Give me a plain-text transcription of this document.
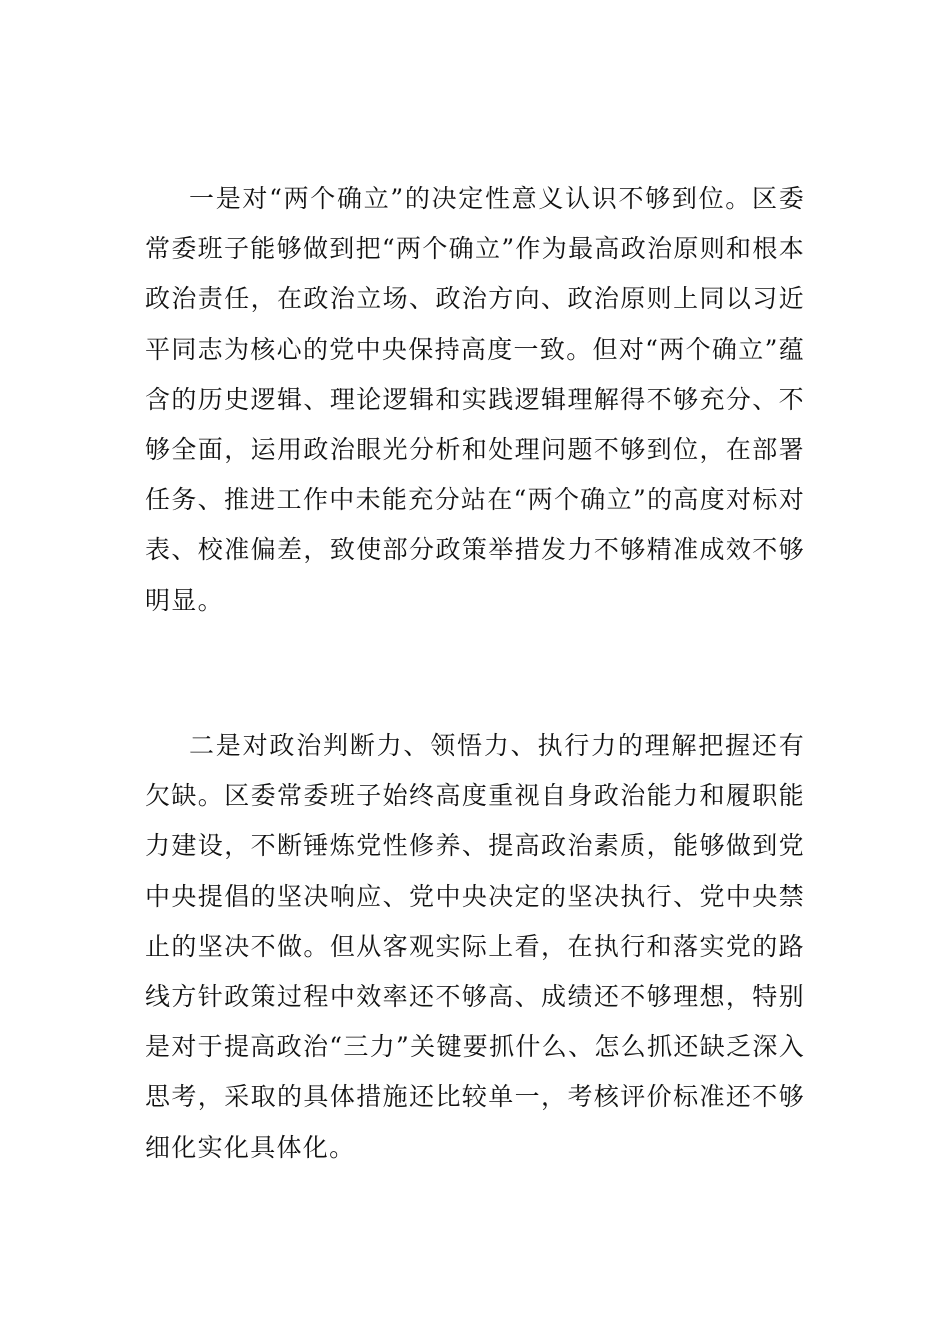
一是对“两个确立”的决定性意义认识不够到位。区委常委班子能够做到把“两个确立”作为最高政治原则和根本政治责任，在政治立场、政治方向、政治原则上同以习近平同志为核心的党中央保持高度一致。但对“两个确立”蕴含的历史逻辑、理论逻辑和实践逻辑理解得不够充分、不够全面，运用政治眼光分析和处理问题不够到位，在部署任务、推进工作中未能充分站在“两个确立”的高度对标对表、校准偏差，致使部分政策举措发力不够精准成效不够明显。

二是对政治判断力、领悟力、执行力的理解把握还有欠缺。区委常委班子始终高度重视自身政治能力和履职能力建设，不断锤炼党性修养、提高政治素质，能够做到党中央提倡的坚决响应、党中央决定的坚决执行、党中央禁止的坚决不做。但从客观实际上看，在执行和落实党的路线方针政策过程中效率还不够高、成绩还不够理想，特别是对于提高政治“三力”关键要抓什么、怎么抓还缺乏深入思考，采取的具体措施还比较单一，考核评价标准还不够细化实化具体化。
